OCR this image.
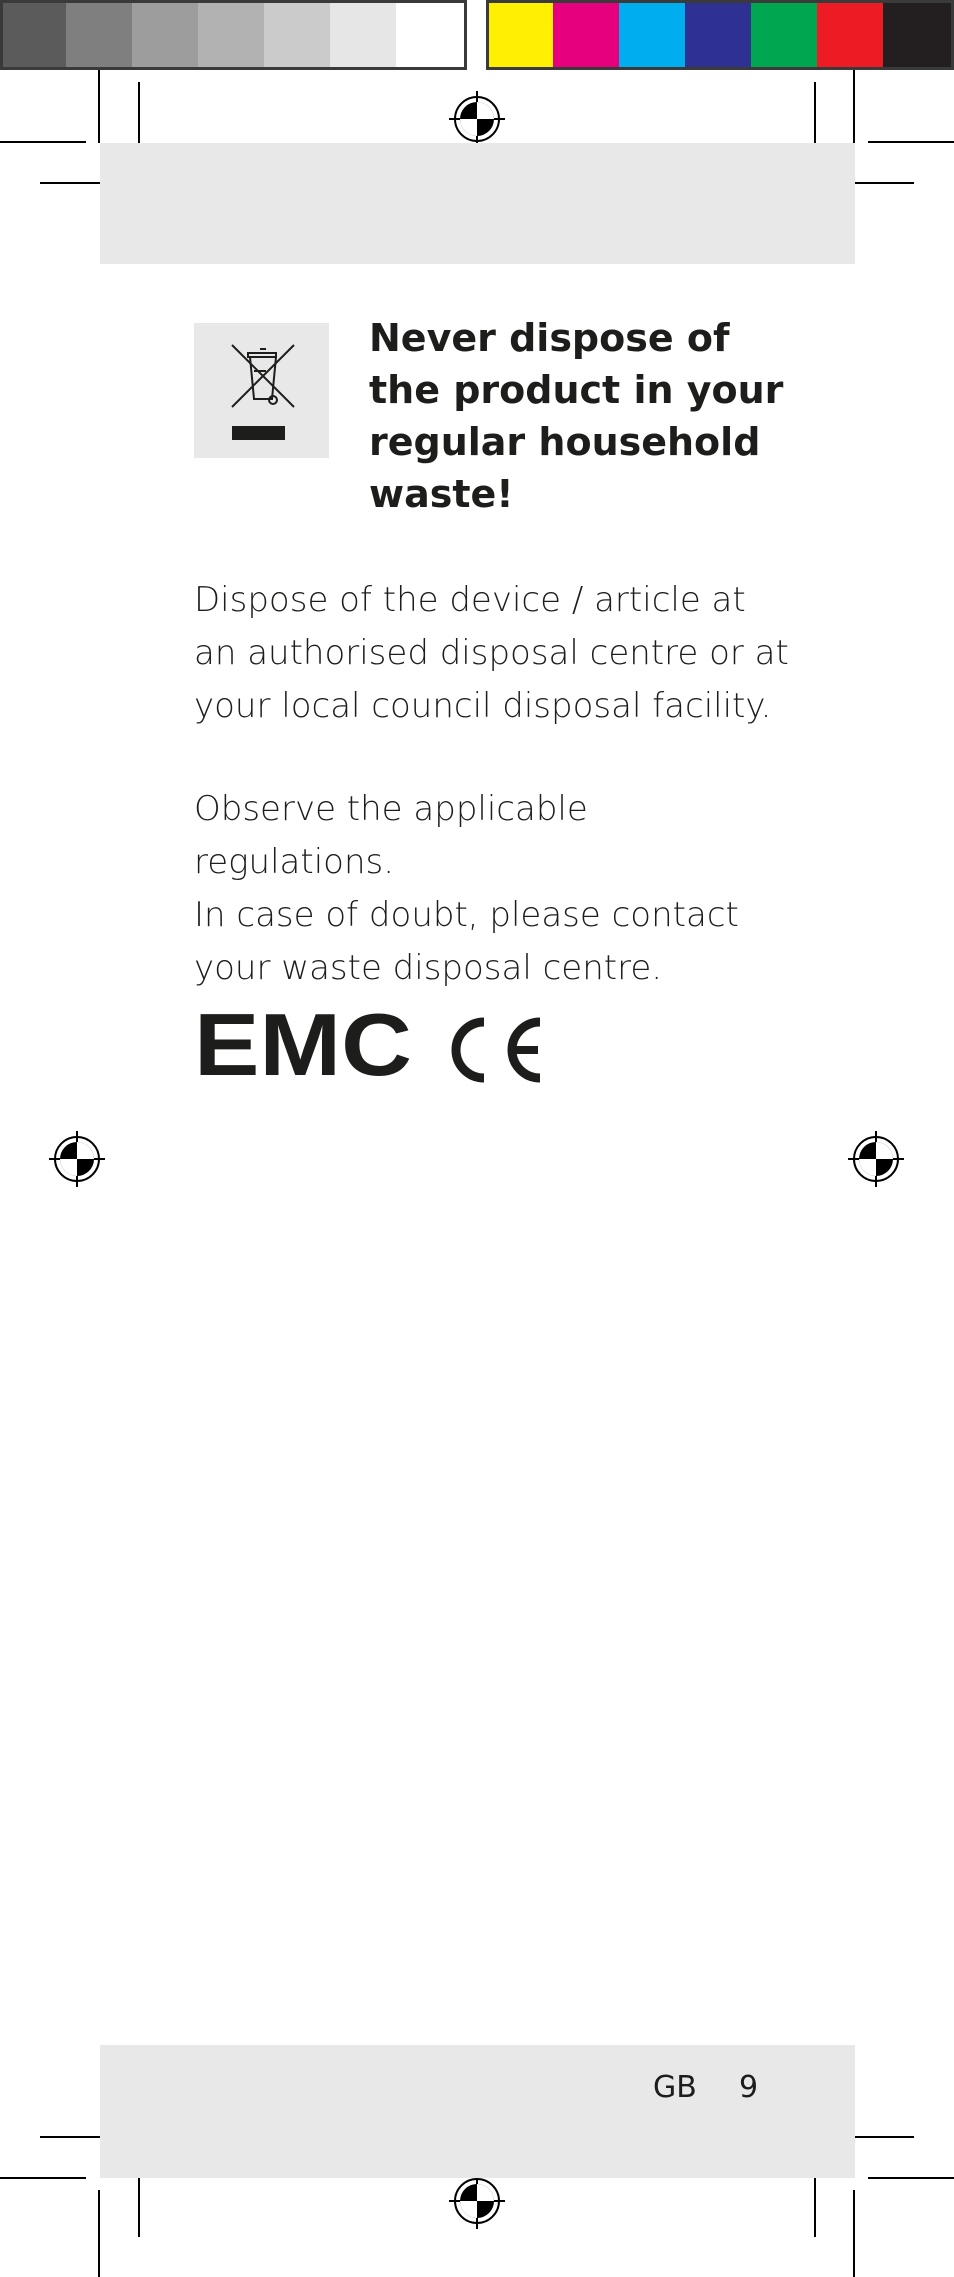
Never dispose of
the product in your
regular household
waste!

Dispose of the device / article at
an authorised disposal centre or at
your local council disposal facility.

Observe the applicable regulations.
In case of doubt, please contact
your waste disposal centre.

EMC
GB 9
